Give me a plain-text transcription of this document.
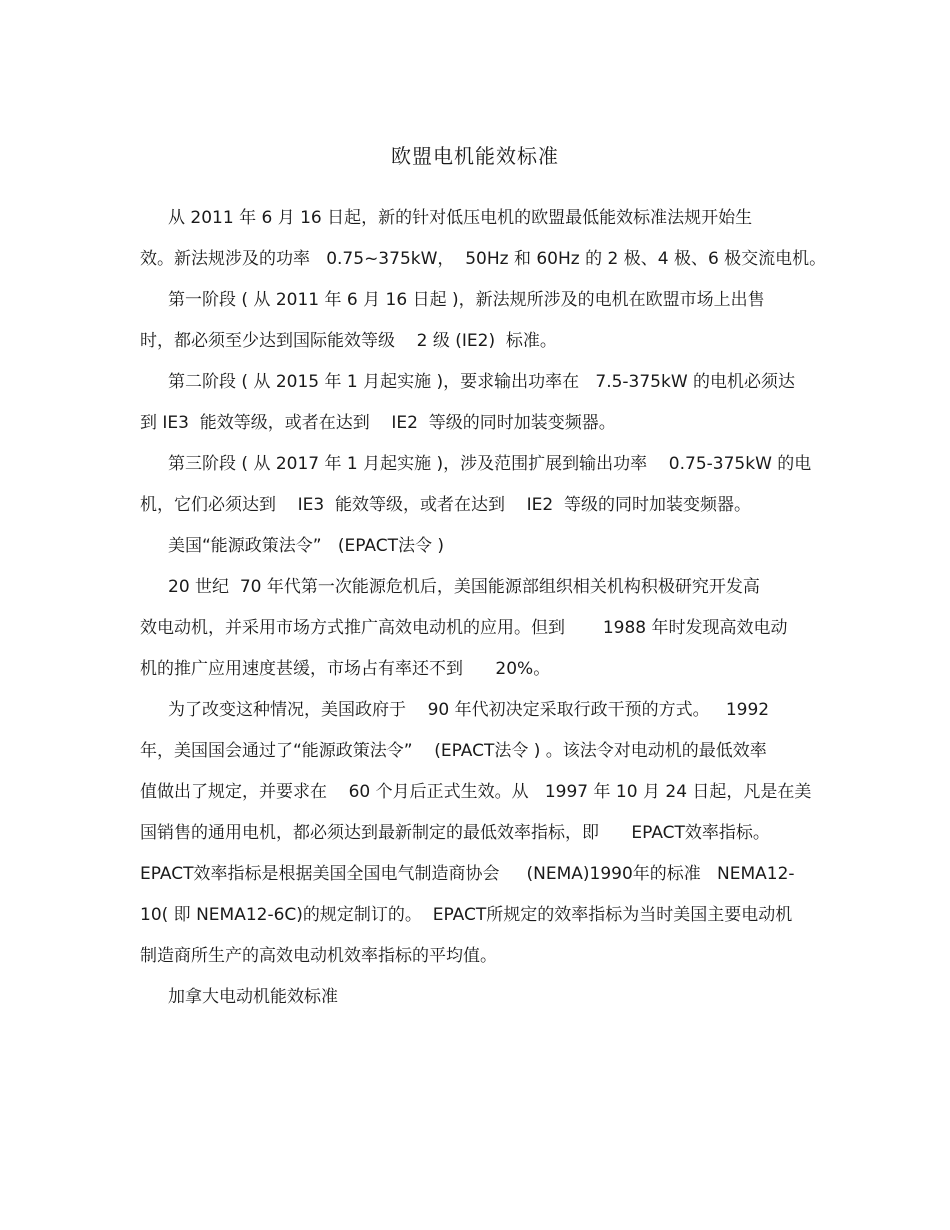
欧盟电机能效标准
从 2011 年 6 月 16 日起，新的针对低压电机的欧盟最低能效标准法规开始生
效。新法规涉及的功率   0.75~375kW，  50Hz 和 60Hz 的 2 极、4 极、6 极交流电机。
第一阶段 ( 从 2011 年 6 月 16 日起 )，新法规所涉及的电机在欧盟市场上出售
时，都必须至少达到国际能效等级    2 级 (IE2)  标准。
第二阶段 ( 从 2015 年 1 月起实施 )，要求输出功率在   7.5-375kW 的电机必须达
到 IE3  能效等级，或者在达到    IE2  等级的同时加装变频器。
第三阶段 ( 从 2017 年 1 月起实施 )，涉及范围扩展到输出功率    0.75-375kW 的电
机，它们必须达到    IE3  能效等级，或者在达到    IE2  等级的同时加装变频器。
美国“能源政策法令”   (EPACT法令 )
20 世纪  70 年代第一次能源危机后，美国能源部组织相关机构积极研究开发高
效电动机，并采用市场方式推广高效电动机的应用。但到       1988 年时发现高效电动
机的推广应用速度甚缓，市场占有率还不到      20%。
为了改变这种情况，美国政府于    90 年代初决定采取行政干预的方式。   1992
年，美国国会通过了“能源政策法令”    (EPACT法令 ) 。该法令对电动机的最低效率
值做出了规定，并要求在    60 个月后正式生效。从   1997 年 10 月 24 日起，凡是在美
国销售的通用电机，都必须达到最新制定的最低效率指标，即      EPACT效率指标。
EPACT效率指标是根据美国全国电气制造商协会     (NEMA)1990年的标准   NEMA12-
10( 即 NEMA12-6C)的规定制订的。  EPACT所规定的效率指标为当时美国主要电动机
制造商所生产的高效电动机效率指标的平均值。
加拿大电动机能效标准
